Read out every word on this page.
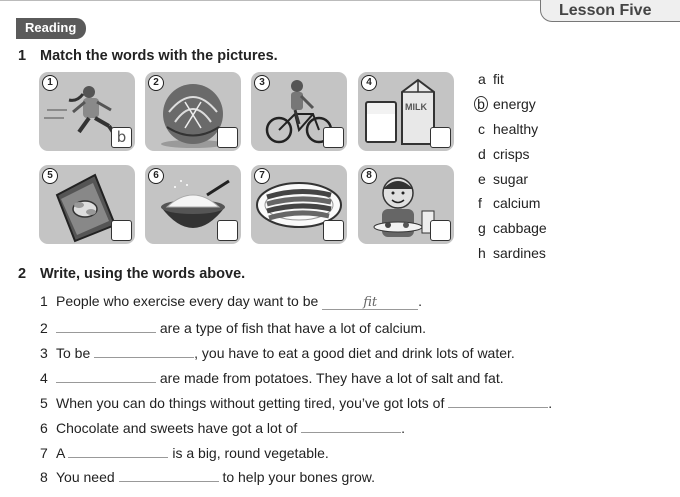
Lesson Five
Reading
1 Match the words with the pictures.
1
b
2	3
MILK
4
5	6	7	8
a fit
b energy
c healthy
d crisps
e sugar
f calcium
g cabbage
h sardines
2 Write, using the words above.
1 People who exercise every day want to be	fit	.
2	are a type of fish that have a lot of calcium.
3 To be	, you have to eat a good diet and drink lots of water.
4	are made from potatoes. They have a lot of salt and fat.
5 When you can do things without getting tired, you’ve got lots of	.
6 Chocolate and sweets have got a lot of	.
7 A	is a big, round vegetable.
8 You need	to help your bones grow.
